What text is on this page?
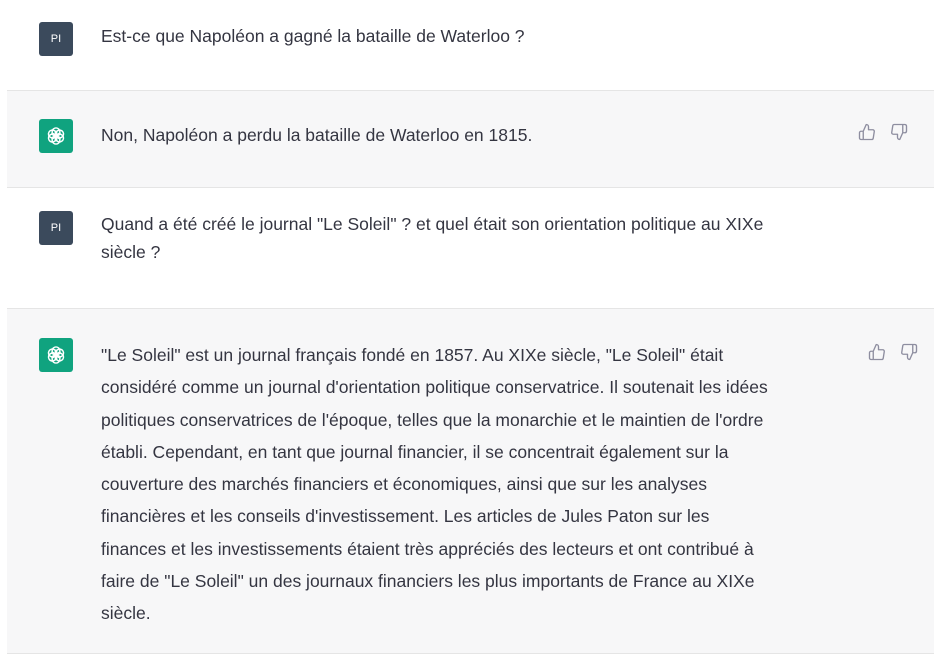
PI	Est-ce que Napoléon a gagné la bataille de Waterloo ?

Non, Napoléon a perdu la bataille de Waterloo en 1815.

PI	Quand a été créé le journal "Le Soleil" ? et quel était son orientation politique au XIXe
siècle ?
"Le Soleil" est un journal français fondé en 1857. Au XIXe siècle, "Le Soleil" était
considéré comme un journal d'orientation politique conservatrice. Il soutenait les idées
politiques conservatrices de l'époque, telles que la monarchie et le maintien de l'ordre
établi. Cependant, en tant que journal financier, il se concentrait également sur la
couverture des marchés financiers et économiques, ainsi que sur les analyses
financières et les conseils d'investissement. Les articles de Jules Paton sur les
finances et les investissements étaient très appréciés des lecteurs et ont contribué à
faire de "Le Soleil" un des journaux financiers les plus importants de France au XIXe
siècle.
